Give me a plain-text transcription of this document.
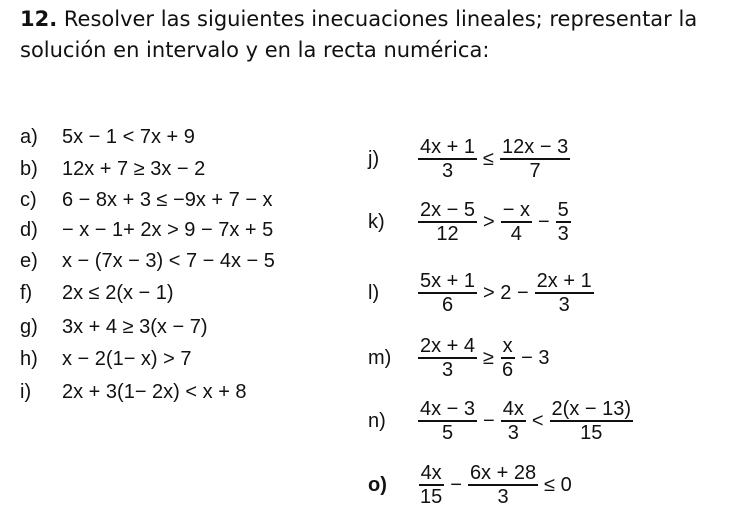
12. Resolver las siguientes inecuaciones lineales; representar la solución en intervalo y en la recta numérica:
a) 5x − 1 < 7x + 9
b) 12x + 7 ≥ 3x − 2
c) 6 − 8x + 3 ≤ −9x + 7 − x
d) − x − 1+ 2x > 9 − 7x + 5
e) x − (7x − 3) < 7 − 4x − 5
f) 2x ≤ 2(x − 1)
g) 3x + 4 ≥ 3(x − 7)
h) x − 2(1− x) > 7
i) 2x + 3(1− 2x) < x + 8
j)	$\frac{4x + 1}{3} \le \frac{12x - 3}{7}$
k)	$\frac{2x - 5}{12} > \frac{- x}{4} - \frac{5}{3}$
l)	$\frac{5x + 1}{6} > 2 - \frac{2x + 1}{3}$
m)	$\frac{2x + 4}{3} \ge \frac{x}{6} - 3$
n)	$\frac{4x - 3}{5} - \frac{4x}{3} < \frac{2(x - 13)}{15}$
o)	$\frac{4x}{15} - \frac{6x + 28}{3} \le 0$
